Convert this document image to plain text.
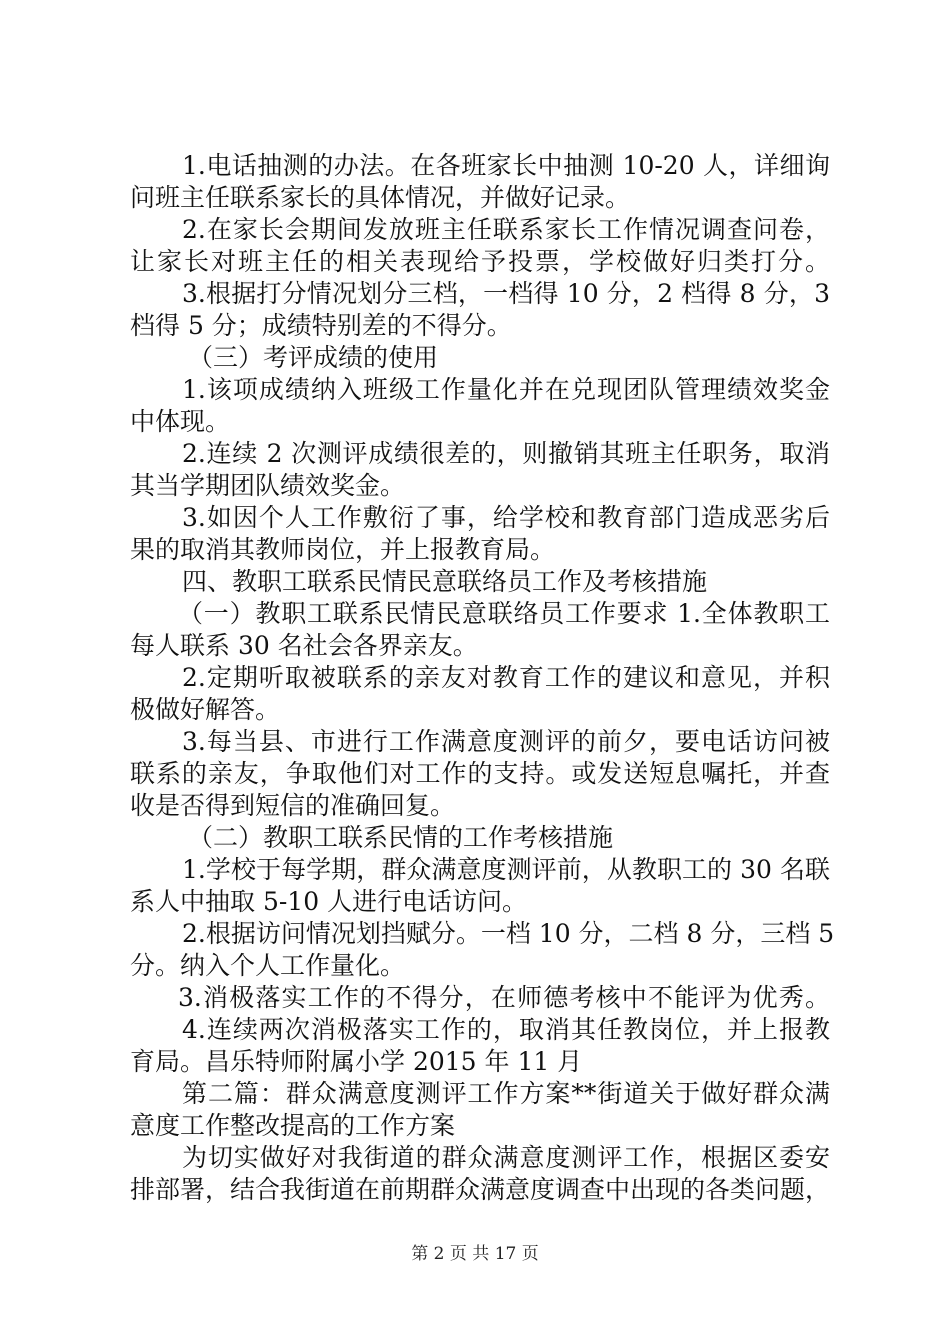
1.电话抽测的办法。在各班家长中抽测 10-20 人，详细询
问班主任联系家长的具体情况，并做好记录。
2.在家长会期间发放班主任联系家长工作情况调查问卷，
让家长对班主任的相关表现给予投票，学校做好归类打分。
3.根据打分情况划分三档，一档得 10 分，2 档得 8 分，3
档得 5 分；成绩特别差的不得分。
（三）考评成绩的使用
1.该项成绩纳入班级工作量化并在兑现团队管理绩效奖金
中体现。
2.连续 2 次测评成绩很差的，则撤销其班主任职务，取消
其当学期团队绩效奖金。
3.如因个人工作敷衍了事，给学校和教育部门造成恶劣后
果的取消其教师岗位，并上报教育局。
四、教职工联系民情民意联络员工作及考核措施
（一）教职工联系民情民意联络员工作要求 1.全体教职工
每人联系 30 名社会各界亲友。
2.定期听取被联系的亲友对教育工作的建议和意见，并积
极做好解答。
3.每当县、市进行工作满意度测评的前夕，要电话访问被
联系的亲友，争取他们对工作的支持。或发送短息嘱托，并查
收是否得到短信的准确回复。
（二）教职工联系民情的工作考核措施
1.学校于每学期，群众满意度测评前，从教职工的 30 名联
系人中抽取 5-10 人进行电话访问。
2.根据访问情况划挡赋分。一档 10 分，二档 8 分，三档 5
分。纳入个人工作量化。
3.消极落实工作的不得分，在师德考核中不能评为优秀。
4.连续两次消极落实工作的，取消其任教岗位，并上报教
育局。昌乐特师附属小学 2015 年 11 月
第二篇：群众满意度测评工作方案**街道关于做好群众满
意度工作整改提高的工作方案
为切实做好对我街道的群众满意度测评工作，根据区委安
排部署，结合我街道在前期群众满意度调查中出现的各类问题，
第 2 页 共 17 页
